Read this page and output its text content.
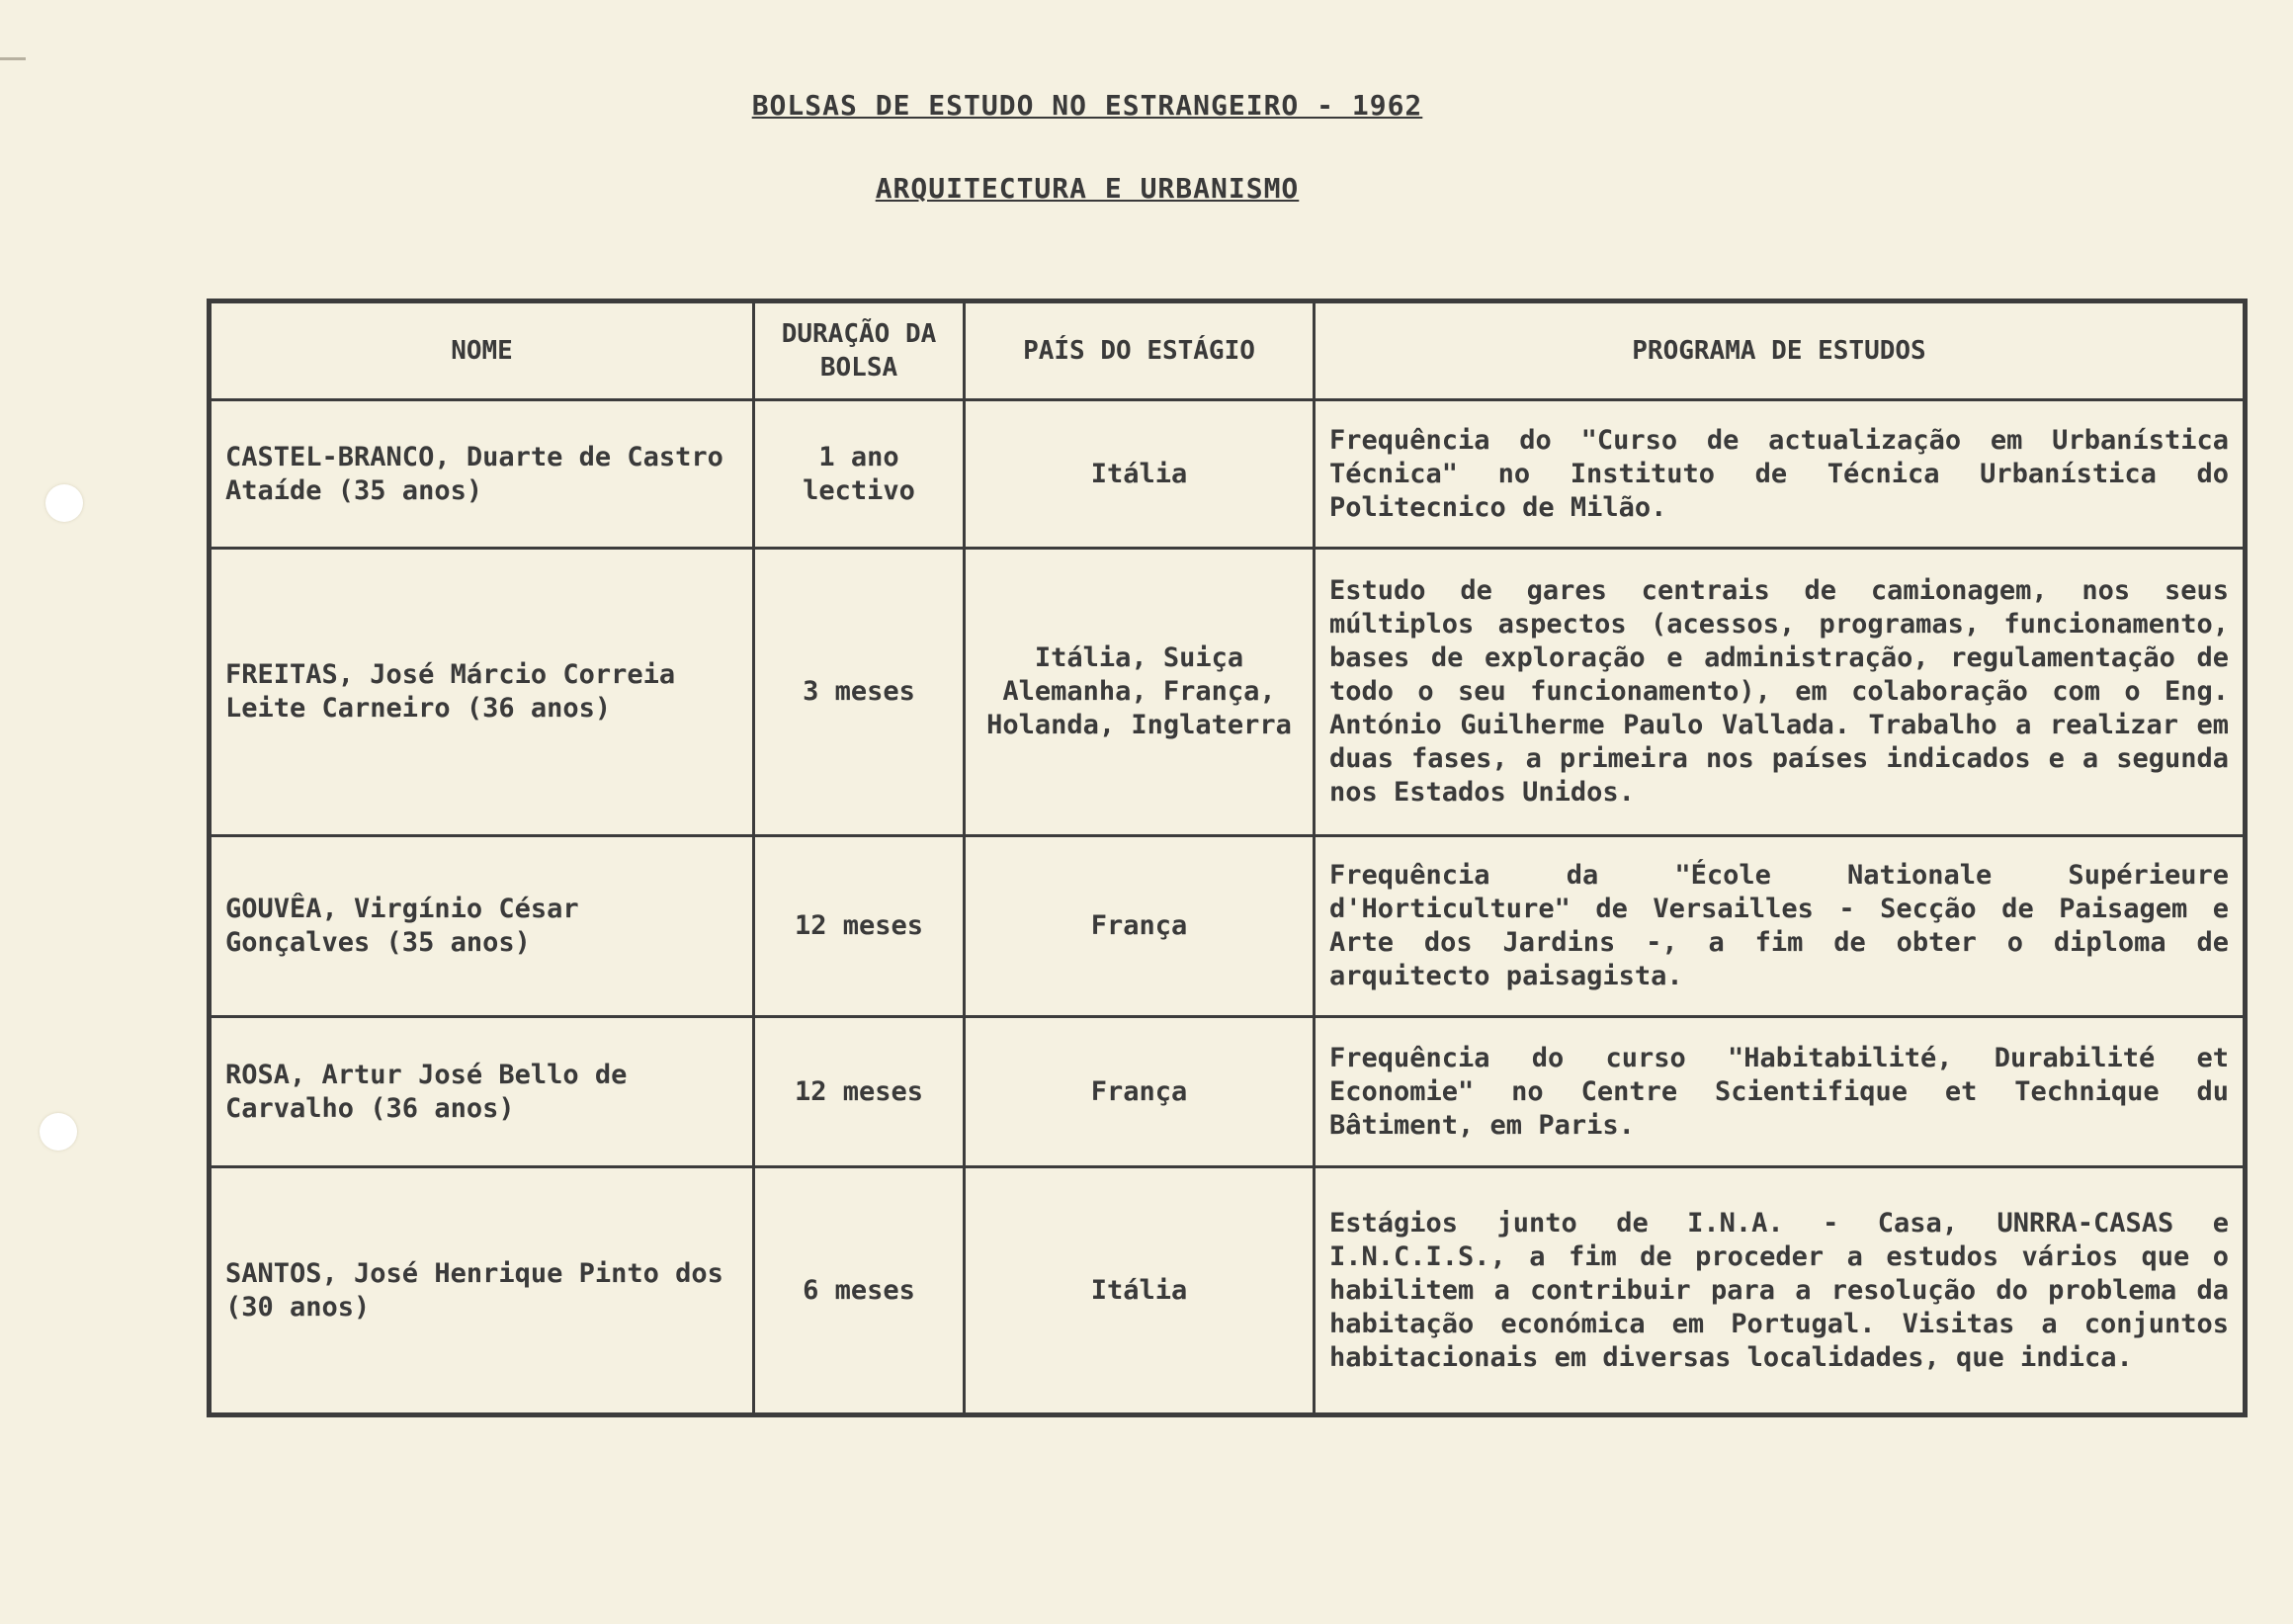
BOLSAS DE ESTUDO NO ESTRANGEIRO - 1962
ARQUITECTURA E URBANISMO
NOME	DURAÇÃO DA BOLSA	PAÍS DO ESTÁGIO	PROGRAMA DE ESTUDOS
CASTEL-BRANCO, Duarte de Castro Ataíde (35 anos)	1 ano lectivo	Itália	Frequência do "Curso de actualização em Urbanística Técnica" no Instituto de Técnica Urbanística do Politecnico de Milão.
FREITAS, José Márcio Correia Leite Carneiro (36 anos)	3 meses	Itália, Suiça Alemanha, França, Holanda, Inglaterra	Estudo de gares centrais de camionagem, nos seus múltiplos aspectos (acessos, programas, funcionamento, bases de exploração e administração, regulamentação de todo o seu funcionamento), em colaboração com o Eng. António Guilherme Paulo Vallada. Trabalho a realizar em duas fases, a primeira nos países indicados e a segunda nos Estados Unidos.
GOUVÊA, Virgínio César Gonçalves (35 anos)	12 meses	França	Frequência da "École Nationale Supérieure d'Horticulture" de Versailles - Secção de Paisagem e Arte dos Jardins -, a fim de obter o diploma de arquitecto paisagista.
ROSA, Artur José Bello de Carvalho (36 anos)	12 meses	França	Frequência do curso "Habitabilité, Durabilité et Economie" no Centre Scientifique et Technique du Bâtiment, em Paris.
SANTOS, José Henrique Pinto dos (30 anos)	6 meses	Itália	Estágios junto de I.N.A. - Casa, UNRRA-CASAS e I.N.C.I.S., a fim de proceder a estudos vários que o habilitem a contribuir para a resolução do problema da habitação económica em Portugal. Visitas a conjuntos habitacionais em diversas localidades, que indica.
